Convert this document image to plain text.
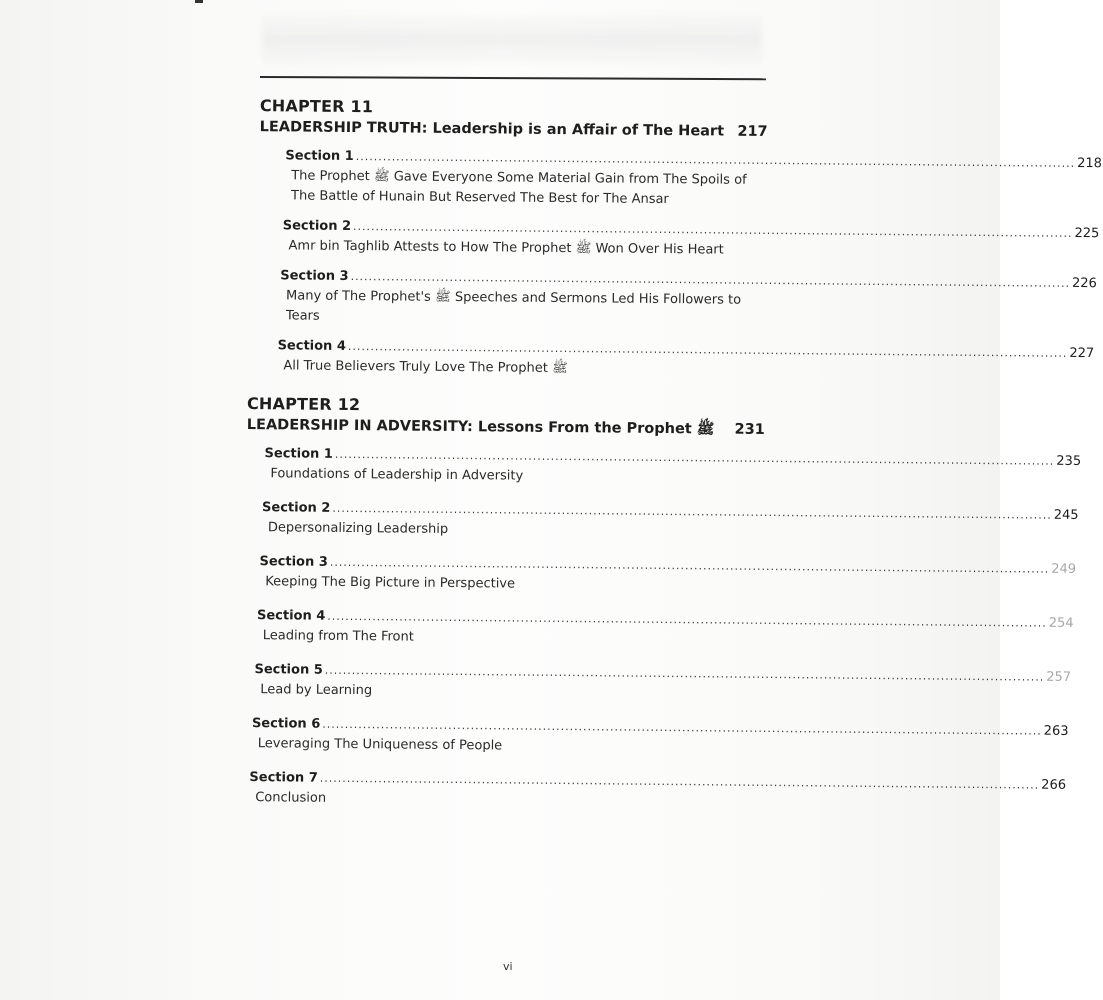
CHAPTER 11
LEADERSHIP TRUTH: Leadership is an Affair of The Heart 217
Section 1 ................................................................................................................................................................ 218
The Prophet ﷺ Gave Everyone Some Material Gain from The Spoils of The Battle of Hunain But Reserved The Best for The Ansar
Section 2 ................................................................................................................................................................ 225
Amr bin Taghlib Attests to How The Prophet ﷺ Won Over His Heart
Section 3 ................................................................................................................................................................ 226
Many of The Prophet's ﷺ Speeches and Sermons Led His Followers to Tears
Section 4 ................................................................................................................................................................ 227
All True Believers Truly Love The Prophet ﷺ
CHAPTER 12
LEADERSHIP IN ADVERSITY: Lessons From the Prophet ﷺ 231
Section 1 ................................................................................................................................................................ 235
Foundations of Leadership in Adversity
Section 2 ................................................................................................................................................................ 245
Depersonalizing Leadership
Section 3 ................................................................................................................................................................ 249
Keeping The Big Picture in Perspective
Section 4 ................................................................................................................................................................ 254
Leading from The Front
Section 5 ................................................................................................................................................................ 257
Lead by Learning
Section 6 ................................................................................................................................................................ 263
Leveraging The Uniqueness of People
Section 7 ................................................................................................................................................................ 266
Conclusion
vi
